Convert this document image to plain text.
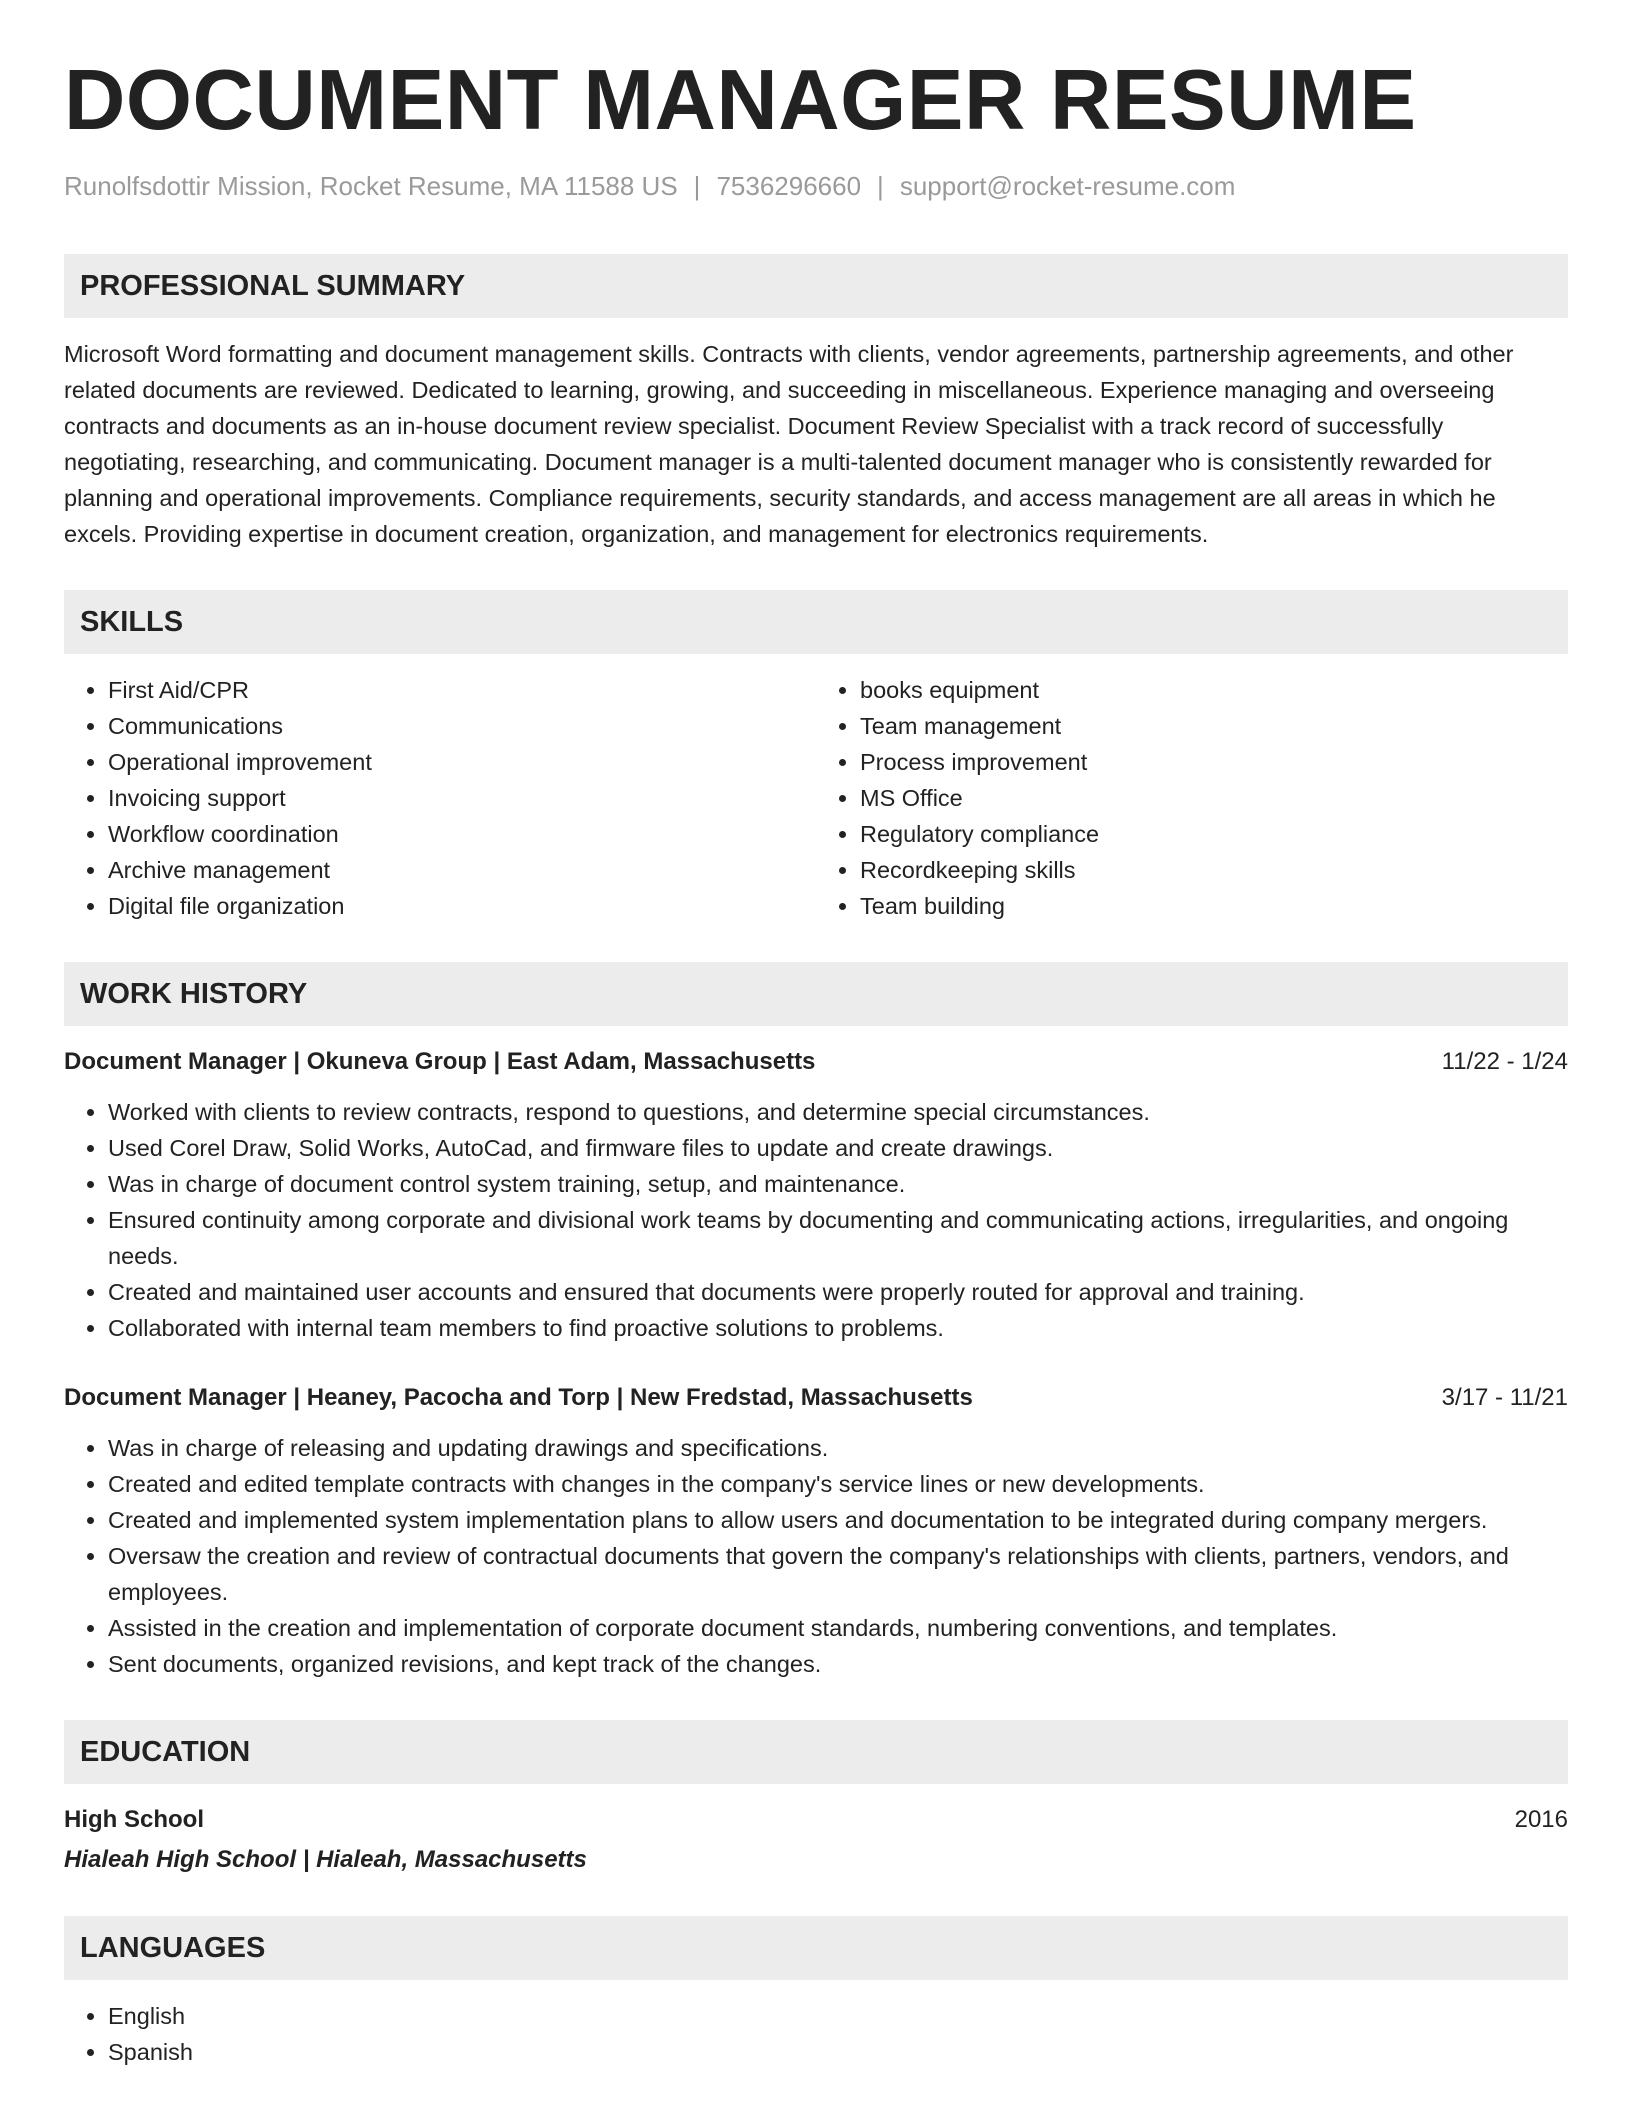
DOCUMENT MANAGER RESUME
Runolfsdottir Mission, Rocket Resume, MA 11588 US | 7536296660 | support@rocket-resume.com
PROFESSIONAL SUMMARY
Microsoft Word formatting and document management skills. Contracts with clients, vendor agreements, partnership agreements, and other related documents are reviewed. Dedicated to learning, growing, and succeeding in miscellaneous. Experience managing and overseeing contracts and documents as an in-house document review specialist. Document Review Specialist with a track record of successfully negotiating, researching, and communicating. Document manager is a multi-talented document manager who is consistently rewarded for planning and operational improvements. Compliance requirements, security standards, and access management are all areas in which he excels. Providing expertise in document creation, organization, and management for electronics requirements.
SKILLS
• First Aid/CPR
• Communications
• Operational improvement
• Invoicing support
• Workflow coordination
• Archive management
• Digital file organization
• books equipment
• Team management
• Process improvement
• MS Office
• Regulatory compliance
• Recordkeeping skills
• Team building
WORK HISTORY
Document Manager | Okuneva Group | East Adam, Massachusetts	11/22 - 1/24
• Worked with clients to review contracts, respond to questions, and determine special circumstances.
• Used Corel Draw, Solid Works, AutoCad, and firmware files to update and create drawings.
• Was in charge of document control system training, setup, and maintenance.
• Ensured continuity among corporate and divisional work teams by documenting and communicating actions, irregularities, and ongoing needs.
• Created and maintained user accounts and ensured that documents were properly routed for approval and training.
• Collaborated with internal team members to find proactive solutions to problems.
Document Manager | Heaney, Pacocha and Torp | New Fredstad, Massachusetts	3/17 - 11/21
• Was in charge of releasing and updating drawings and specifications.
• Created and edited template contracts with changes in the company's service lines or new developments.
• Created and implemented system implementation plans to allow users and documentation to be integrated during company mergers.
• Oversaw the creation and review of contractual documents that govern the company's relationships with clients, partners, vendors, and employees.
• Assisted in the creation and implementation of corporate document standards, numbering conventions, and templates.
• Sent documents, organized revisions, and kept track of the changes.
EDUCATION
High School	2016
Hialeah High School | Hialeah, Massachusetts
LANGUAGES
• English
• Spanish
